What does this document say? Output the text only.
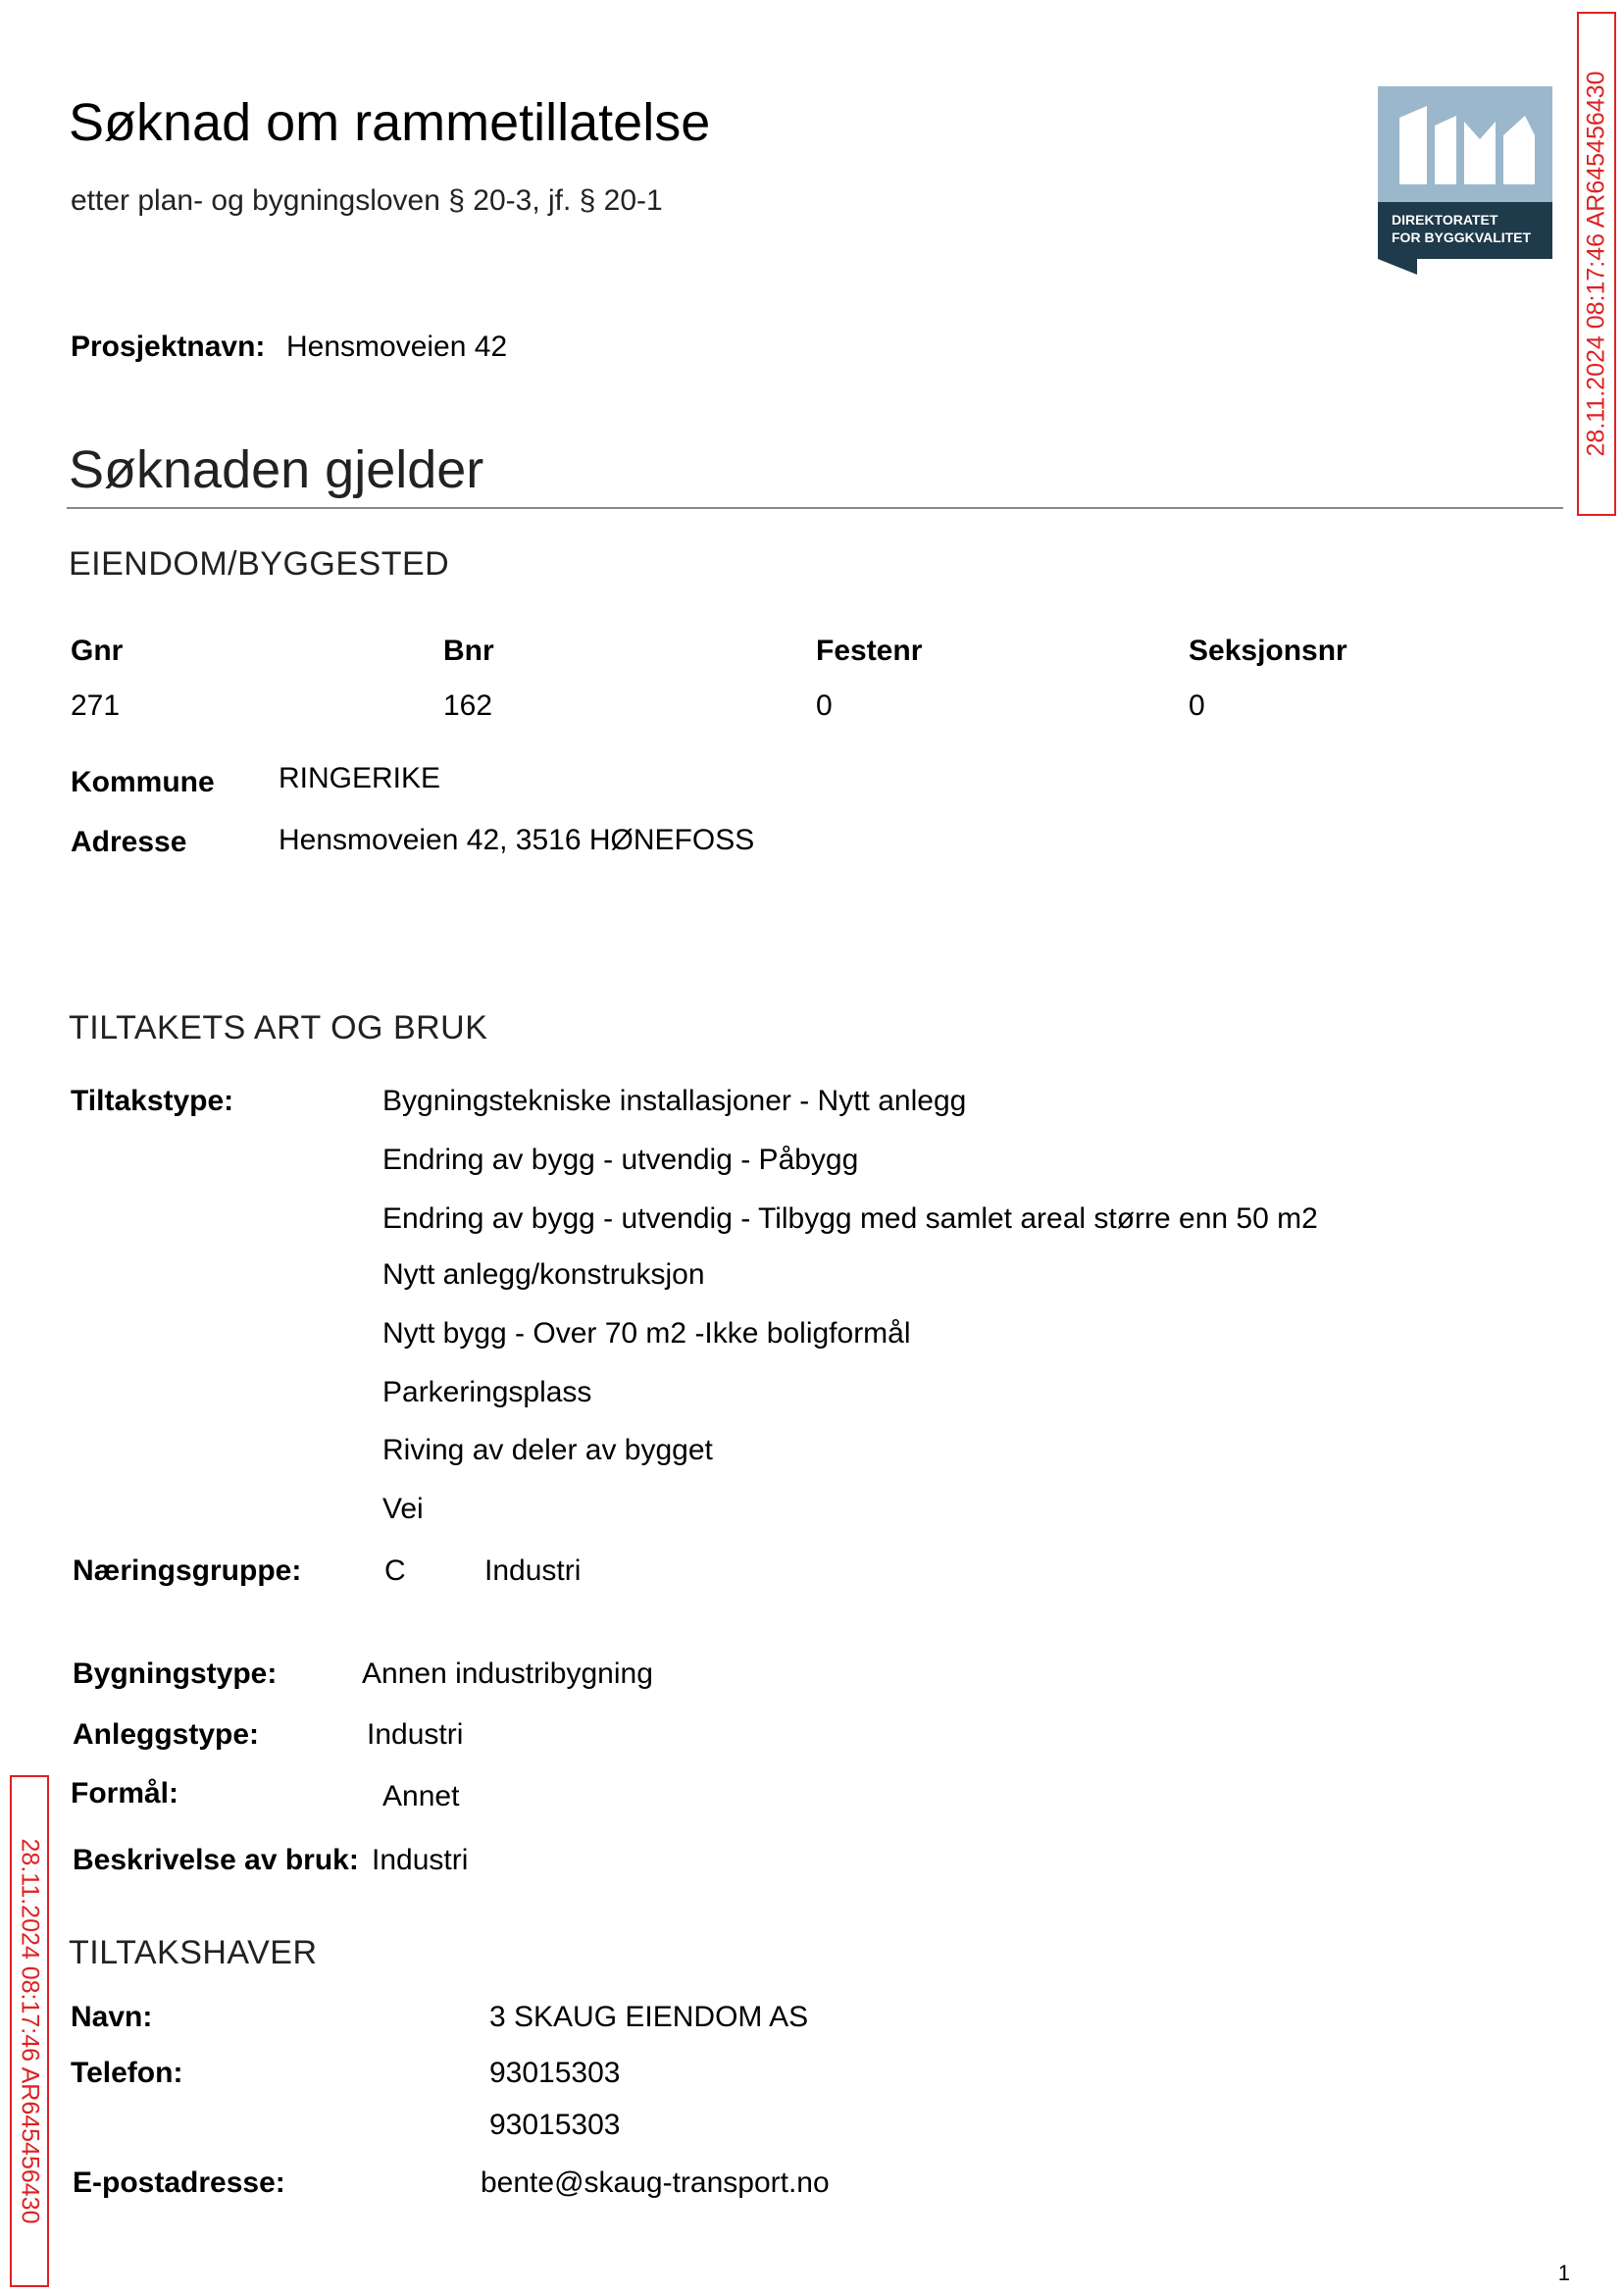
Søknad om rammetillatelse
etter plan- og bygningsloven § 20-3, jf. § 20-1
DIREKTORATET
FOR BYGGKVALITET 28.11.2024 08:17:46 AR645456430
28.11.2024 08:17:46 AR645456430
Prosjektnavn: Hensmoveien 42
Søknaden gjelder
EIENDOM/BYGGESTED
Gnr	Bnr	Festenr	Seksjonsnr
271	162	0	0
Kommune RINGERIKE
Adresse	Hensmoveien 42, 3516 HØNEFOSS
TILTAKETS ART OG BRUK
Tiltakstype:	Bygningstekniske installasjoner - Nytt anlegg
Endring av bygg - utvendig - Påbygg
Endring av bygg - utvendig - Tilbygg med samlet areal større enn 50 m2
Nytt anlegg/konstruksjon
Nytt bygg - Over 70 m2 -Ikke boligformål
Parkeringsplass
Riving av deler av bygget
Vei
Næringsgruppe:	C	Industri
Bygningstype:	Annen industribygning
Anleggstype:	Industri
Formål:	Annet
Beskrivelse av bruk: Industri
TILTAKSHAVER
Navn:	3 SKAUG EIENDOM AS
Telefon:	93015303
93015303
E-postadresse:	bente@skaug-transport.no
1
